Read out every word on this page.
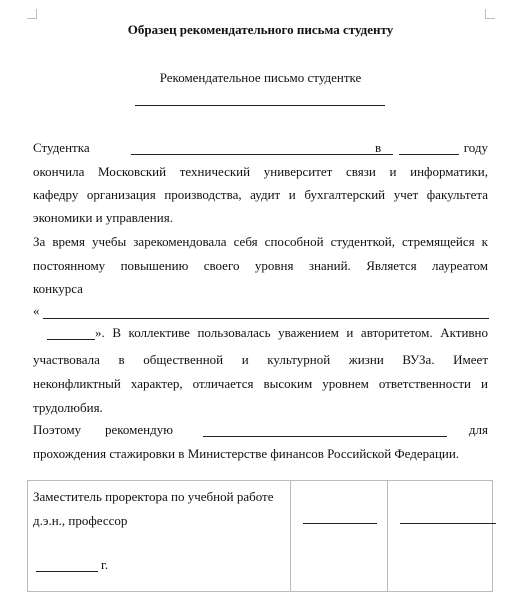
Образец рекомендательного письма студенту
Рекомендательное письмо студентке
Студентка	в	году
окончила Московский технический университет связи и информатики,
кафедру организация производства, аудит и бухгалтерский учет факультета
экономики и управления.
За время учебы зарекомендовала себя способной студенткой, стремящейся к
постоянному повышению своего уровня знаний. Является лауреатом
конкурса
«
». В коллективе пользовалась уважением и авторитетом. Активно
участвовала в общественной и культурной жизни ВУЗа. Имеет
неконфликтный характер, отличается высоким уровнем ответственности и
трудолюбия.
Поэтому рекомендую	для
прохождения стажировки в Министерстве финансов Российской Федерации.
Заместитель проректора по учебной работе
д.э.н., профессор
г.
